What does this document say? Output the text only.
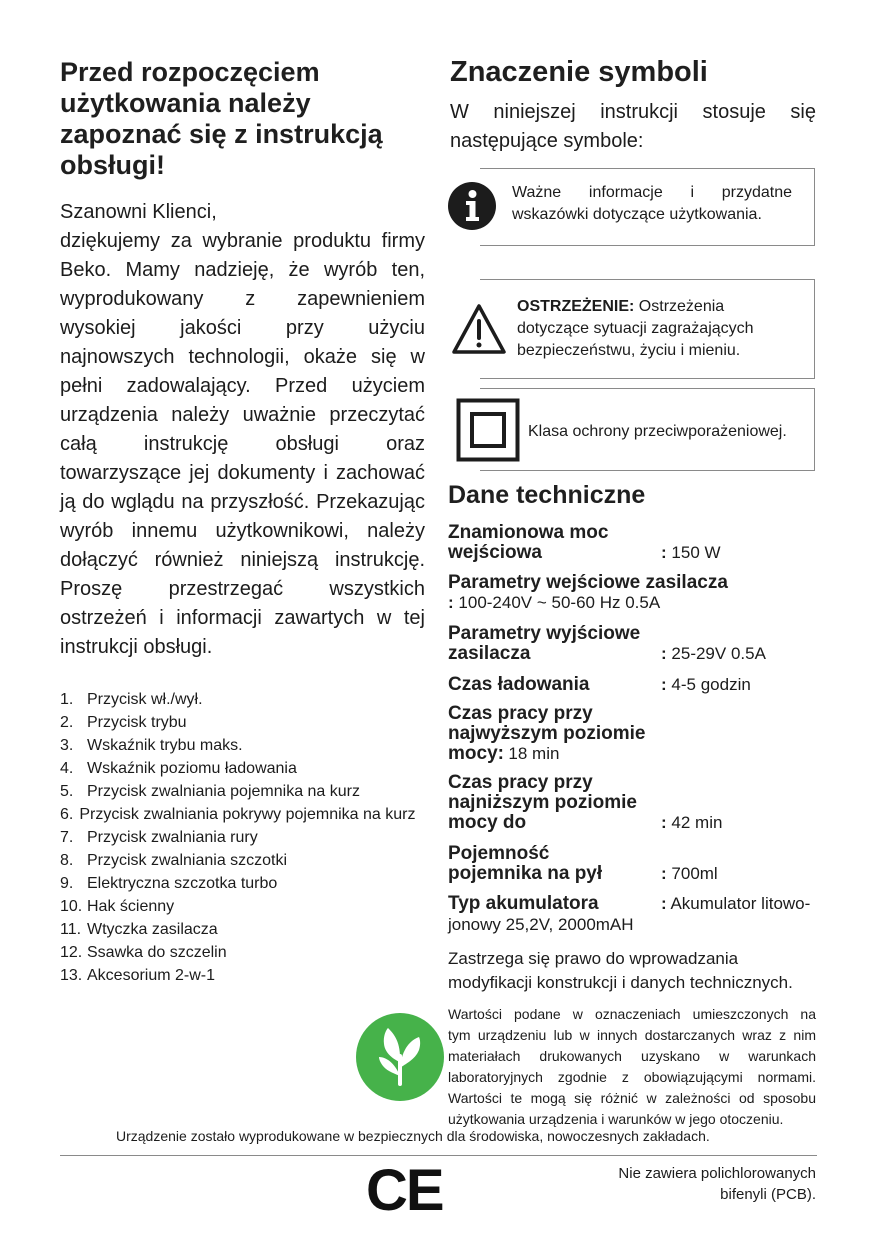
Przed rozpoczęciem
użytkowania należy
zapoznać się z instrukcją
obsługi!

Szanowni Klienci,

dziękujemy za wybranie produktu firmy Beko. Mamy nadzieję, że wyrób ten, wyprodukowany z zapewnieniem wysokiej jakości przy użyciu najnowszych technologii, okaże się w pełni zadowalający. Przed użyciem urządzenia należy uważnie przeczytać całą instrukcję obsługi oraz towarzyszące jej dokumenty i zachować ją do wglądu na przyszłość. Przekazując wyrób innemu użytkownikowi, należy dołączyć również niniejszą instrukcję. Proszę przestrzegać wszystkich ostrzeżeń i informacji zawartych w tej instrukcji obsługi.

1. Przycisk wł./wył.
2. Przycisk trybu
3. Wskaźnik trybu maks.
4. Wskaźnik poziomu ładowania
5. Przycisk zwalniania pojemnika na kurz
6. Przycisk zwalniania pokrywy pojemnika na kurz
7. Przycisk zwalniania rury
8. Przycisk zwalniania szczotki
9. Elektryczna szczotka turbo
10. Hak ścienny
11. Wtyczka zasilacza
12. Ssawka do szczelin
13. Akcesorium 2-w-1
Znaczenie symboli
W niniejszej instrukcji stosuje się następujące symbole:
Ważne informacje i przydatne wskazówki dotyczące użytkowania.
OSTRZEŻENIE: Ostrzeżenia dotyczące sytuacji zagrażających bezpieczeństwu, życiu i mieniu.
Klasa ochrony przeciwporażeniowej.
Dane techniczne
Znamionowa moc
wejściowa	: 150 W
Parametry wejściowe zasilacza
: 100-240V ~ 50-60 Hz 0.5A
Parametry wyjściowe
zasilacza	: 25-29V 0.5A
Czas ładowania	: 4-5 godzin
Czas pracy przy
najwyższym poziomie
mocy: 18 min
Czas pracy przy
najniższym poziomie
mocy do	: 42 min
Pojemność
pojemnika na pył	: 700ml
Typ akumulatora	: Akumulator litowo-
jonowy 25,2V, 2000mAH
Zastrzega się prawo do wprowadzania modyfikacji konstrukcji i danych technicznych.
Wartości podane w oznaczeniach umieszczonych na
tym urządzeniu lub w innych dostarczanych wraz z nim
materiałach drukowanych uzyskano w warunkach
laboratoryjnych zgodnie z obowiązującymi normami.
Wartości te mogą się różnić w zależności od sposobu
użytkowania urządzenia i warunków w jego otoczeniu.
Urządzenie zostało wyprodukowane w bezpiecznych dla środowiska, nowoczesnych zakładach.
CE	Nie zawiera polichlorowanych
bifenyli (PCB).
